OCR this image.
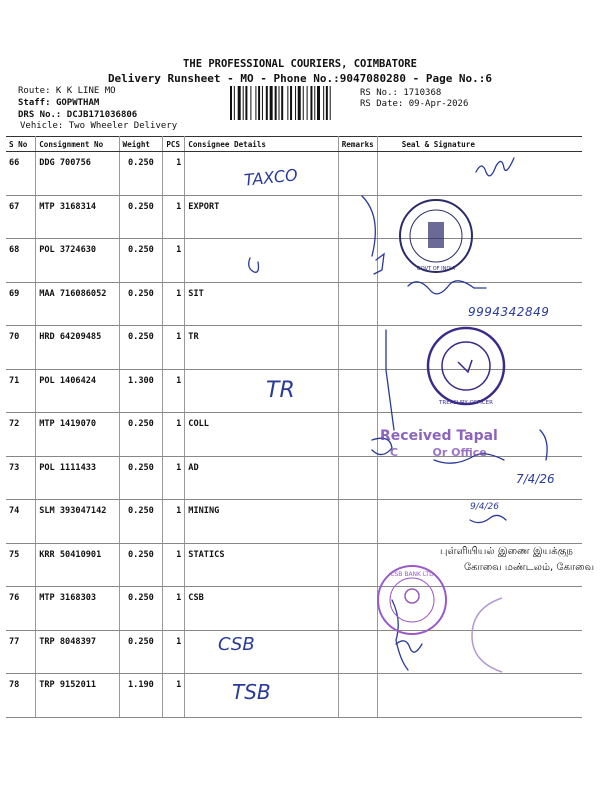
THE PROFESSIONAL COURIERS, COIMBATORE
Delivery Runsheet - MO - Phone No.:9047080280 - Page No.:6
Route: K K LINE MO
Staff: GOPWTHAM
DRS No.: DCJB171036806
Vehicle: Two Wheeler Delivery
RS No.: 1710368
RS Date: 09-Apr-2026
S No	Consignment No	Weight	PCS	Consignee Details	Remarks	Seal & Signature
66	DDG 700756	0.250	1			
67	MTP 3168314	0.250	1	EXPORT		
68	POL 3724630	0.250	1			
69	MAA 716086052	0.250	1	SIT		
70	HRD 64209485	0.250	1	TR		
71	POL 1406424	1.300	1			
72	MTP 1419070	0.250	1	COLL		
73	POL 1111433	0.250	1	AD		
74	SLM 393047142	0.250	1	MINING		
75	KRR 50410901	0.250	1	STATICS		
76	MTP 3168303	0.250	1	CSB		
77	TRP 8048397	0.250	1			
78	TRP 9152011	1.190	1			
TAXCO
TR
CSB
TSB
9994342849
7/4/26
9/4/26
GOVT OF INDIA
TREASURY OFFICER
Received Tapal
C         Or Office
புள்ளியியல் இணை இயக்குந
கோவை மண்டலம், கோவை
CSB BANK LTD
